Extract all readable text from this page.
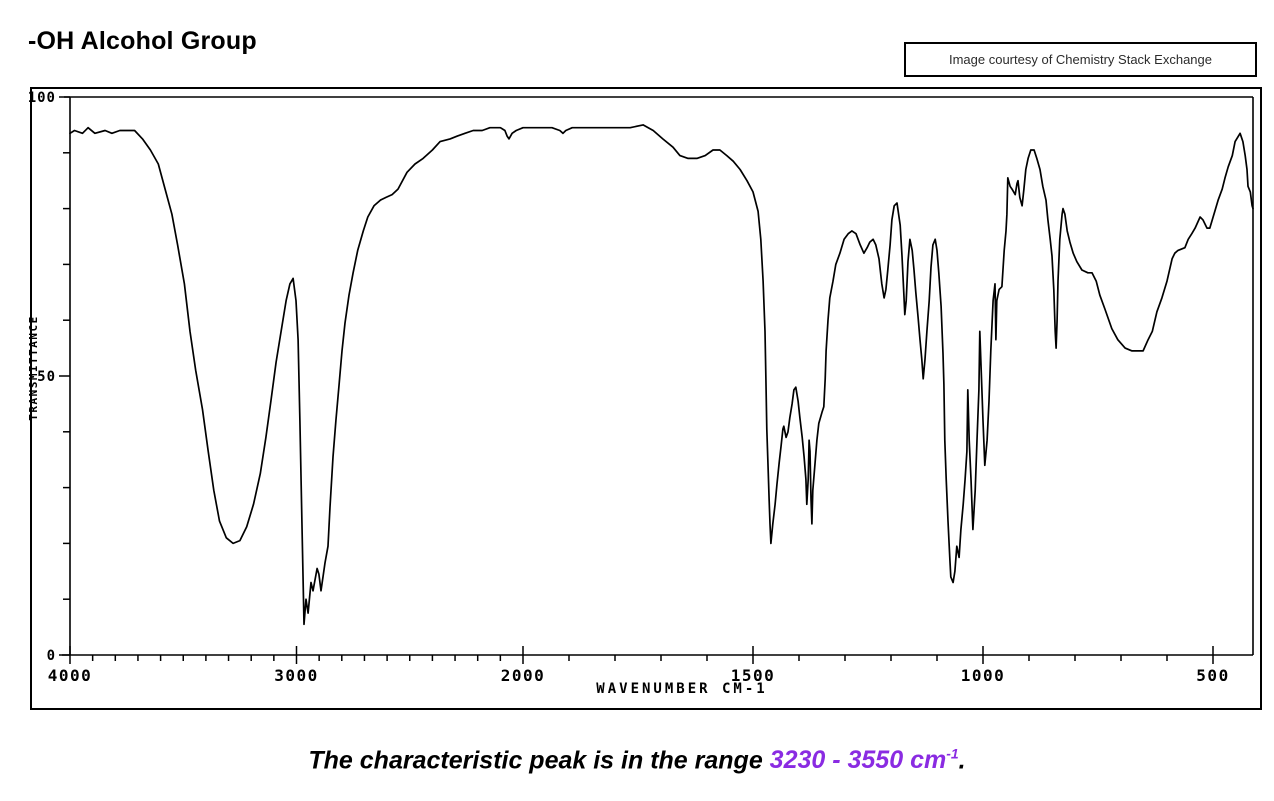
-OH Alcohol Group
Image courtesy of Chemistry Stack Exchange
4000	3000	2000	1500	1000	500
0
50
100
WAVENUMBER CM-1
TRANSMITTANCE

The characteristic peak is in the range 3230 - 3550 $cm^{-1}$.
